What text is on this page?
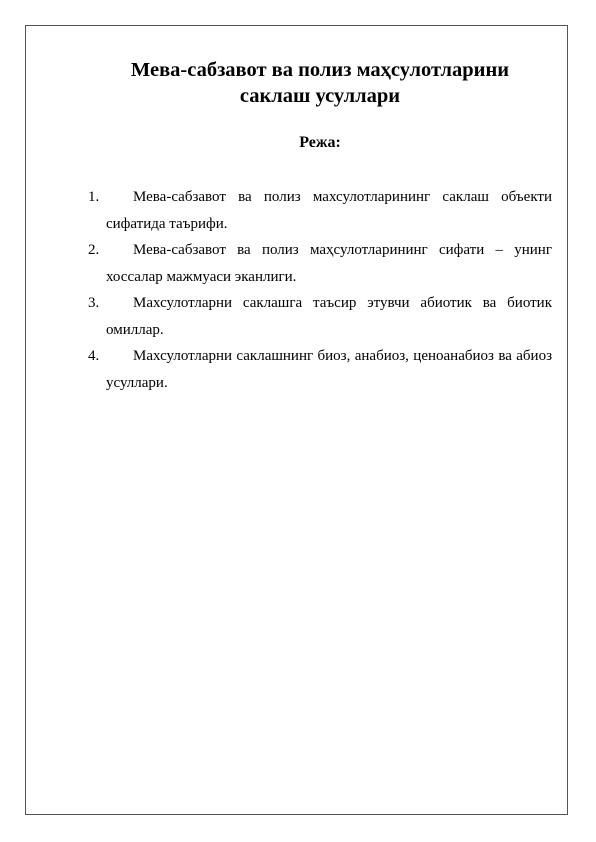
Мева-сабзавот ва полиз маҳсулотларини
саклаш усуллари
Режа:
1.	Мева-сабзавот ва полиз махсулотларининг саклаш объекти сифатида таърифи.
2.	Мева-сабзавот ва полиз маҳсулотларининг сифати – унинг хоссалар мажмуаси эканлиги.
3.	Махсулотларни саклашга таъсир этувчи абиотик ва биотик омиллар.
4.	Махсулотларни саклашнинг биоз, анабиоз, ценоанабиоз ва абиоз усуллари.
